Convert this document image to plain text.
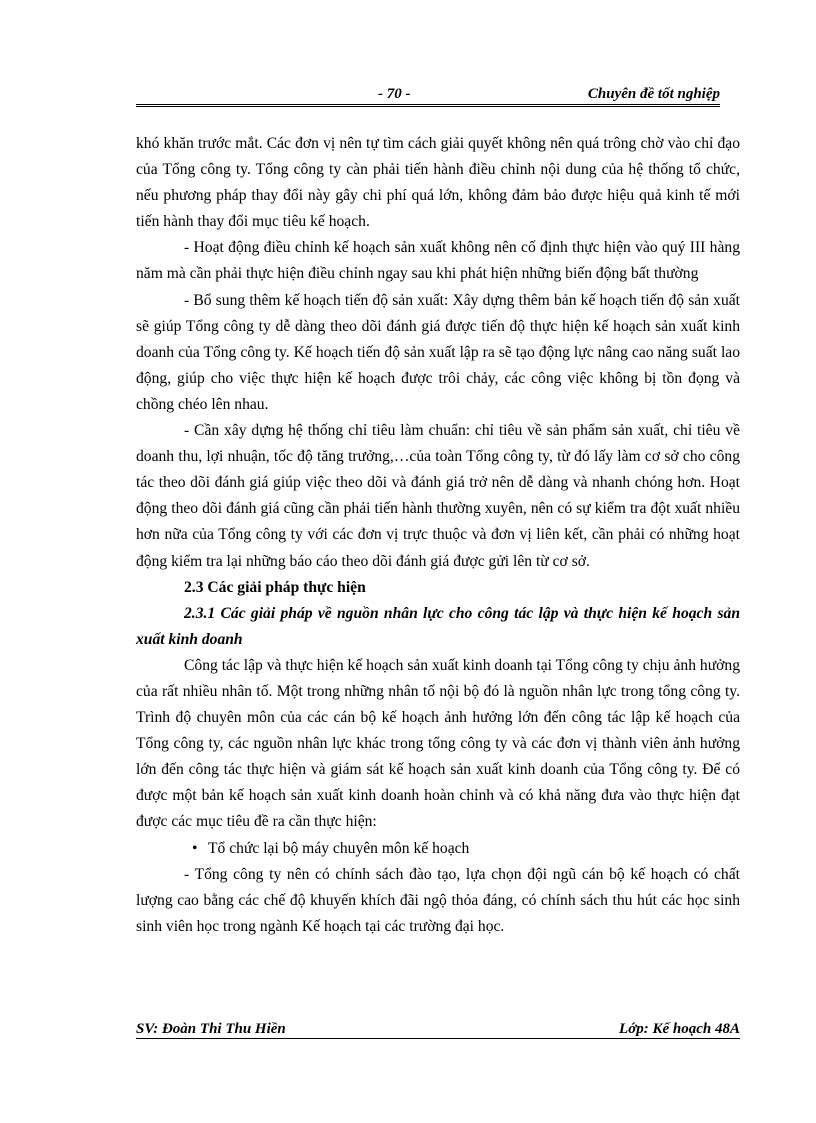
- 70 -	Chuyên đề tốt nghiệp

khó khăn trước mắt. Các đơn vị nên tự tìm cách giải quyết không nên quá trông chờ vào chỉ đạo của Tổng công ty. Tổng công ty càn phải tiến hành điều chỉnh nội dung của hệ thống tổ chức, nếu phương pháp thay đổi này gây chi phí quá lớn, không đảm bảo được hiệu quả kinh tế mới tiến hành thay đổi mục tiêu kế hoạch.

- Hoạt động điều chỉnh kế hoạch sản xuất không nên cố định thực hiện vào quý III hàng năm mà cần phải thực hiện điều chỉnh ngay sau khi phát hiện những biến động bất thường

- Bổ sung thêm kế hoạch tiến độ sản xuất: Xây dựng thêm bản kế hoạch tiến độ sản xuất sẽ giúp Tổng công ty dễ dàng theo dõi đánh giá được tiến độ thực hiện kế hoạch sản xuất kinh doanh của Tổng công ty. Kế hoạch tiến độ sản xuất lập ra sẽ tạo động lực nâng cao năng suất lao động, giúp cho việc thực hiện kế hoạch được trôi chảy, các công việc không bị tồn đọng và chồng chéo lên nhau.

- Cần xây dựng hệ thống chỉ tiêu làm chuẩn: chỉ tiêu về sản phẩm sản xuất, chỉ tiêu về doanh thu, lợi nhuận, tốc độ tăng trưởng,…của toàn Tổng công ty, từ đó lấy làm cơ sở cho công tác theo dõi đánh giá giúp việc theo dõi và đánh giá trở nên dễ dàng và nhanh chóng hơn. Hoạt động theo dõi đánh giá cũng cần phải tiến hành thường xuyên, nên có sự kiểm tra đột xuất nhiều hơn nữa của Tổng công ty với các đơn vị trực thuộc và đơn vị liên kết, cần phải có những hoạt động kiểm tra lại những báo cáo theo dõi đánh giá được gửi lên từ cơ sở.

2.3 Các giải pháp thực hiện

2.3.1 Các giải pháp về nguồn nhân lực cho công tác lập và thực hiện kế hoạch sản xuất kinh doanh

Công tác lập và thực hiện kế hoạch sản xuất kinh doanh tại Tổng công ty chịu ảnh hưởng của rất nhiều nhân tố. Một trong những nhân tố nội bộ đó là nguồn nhân lực trong tổng công ty. Trình độ chuyên môn của các cán bộ kế hoạch ảnh hưởng lớn đến công tác lập kế hoạch của Tổng công ty, các nguồn nhân lực khác trong tổng công ty và các đơn vị thành viên ảnh hưởng lớn đến công tác thực hiện và giám sát kế hoạch sản xuất kinh doanh của Tổng công ty. Để có được một bản kế hoạch sản xuất kinh doanh hoàn chỉnh và có khả năng đưa vào thực hiện đạt được các mục tiêu đề ra cần thực hiện:

• Tổ chức lại bộ máy chuyên môn kế hoạch

- Tổng công ty nên có chính sách đào tạo, lựa chọn đội ngũ cán bộ kế hoạch có chất lượng cao bằng các chế độ khuyến khích đãi ngộ thỏa đáng, có chính sách thu hút các học sinh sinh viên học trong ngành Kế hoạch tại các trường đại học.

SV: Đoàn Thi Thu Hiền	Lớp: Kế hoạch 48A
